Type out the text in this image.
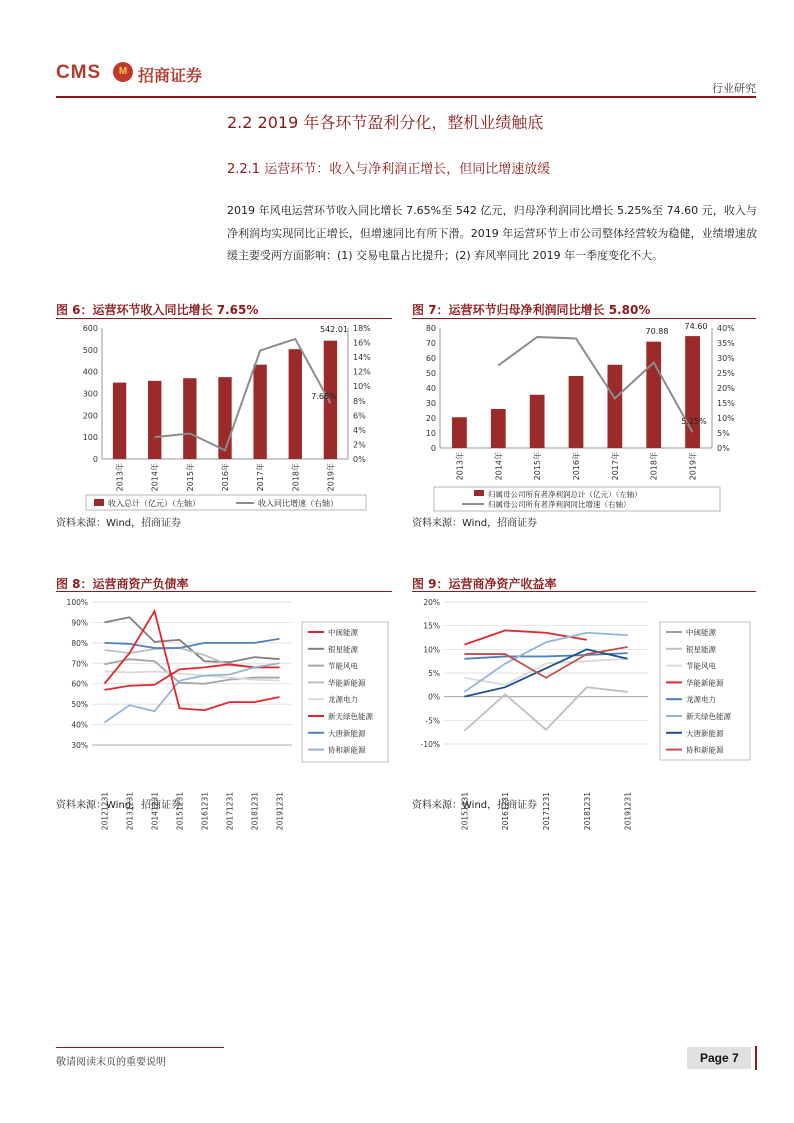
CMS	M 招商证券
行业研究
2.2 2019 年各环节盈利分化，整机业绩触底
2.2.1 运营环节：收入与净利润正增长，但同比增速放缓
2019 年风电运营环节收入同比增长 7.65%至 542 亿元，归母净利润同比增长 5.25%至 74.60 元，收入与净利润均实现同比正增长，但增速同比有所下滑。2019 年运营环节上市公司整体经营较为稳健，业绩增速放缓主要受两方面影响：(1) 交易电量占比提升；(2) 弃风率同比 2019 年一季度变化不大。
图 6：运营环节收入同比增长 7.65%
资料来源：Wind，招商证券
图 7：运营环节归母净利润同比增长 5.80%
资料来源：Wind，招商证券
图 8：运营商资产负债率
资料来源：Wind，招商证券
图 9：运营商净资产收益率
资料来源：Wind，招商证券
0
100
200
300
400
500
600
0%
2%
4%
6%
8%
10%
12%
14%
16%
18%
2013年	2014年	2015年	2016年	2017年	2018年	2019年
542.01
7.65%
收入总计（亿元）（左轴）	收入同比增速（右轴）
0
10
20
30
40
50
60
70
80
0%
5%
10%
15%
20%
25%
30%
35%
40%
2013年	2014年	2015年	2016年	2017年	2018年	2019年
70.88
74.60
5.25%
归属母公司所有者净利润总计（亿元）（左轴）
归属母公司所有者净利润同比增速（右轴）
30%
40%
50%
60%
70%
80%
90%
100%
20121231 20131231 20141231 20151231 20161231 20171231 20181231 20191231
中闽能源
银星能源
节能风电
华能新能源
龙源电力
新天绿色能源
大唐新能源
协和新能源
-10%
-5%
0%
5%
10%
15%
20%
20151231	20161231	20171231	20181231	20191231
中闽能源
银星能源
节能风电
华能新能源
龙源电力
新天绿色能源
大唐新能源
协和新能源
敬请阅读末页的重要说明	Page 7
